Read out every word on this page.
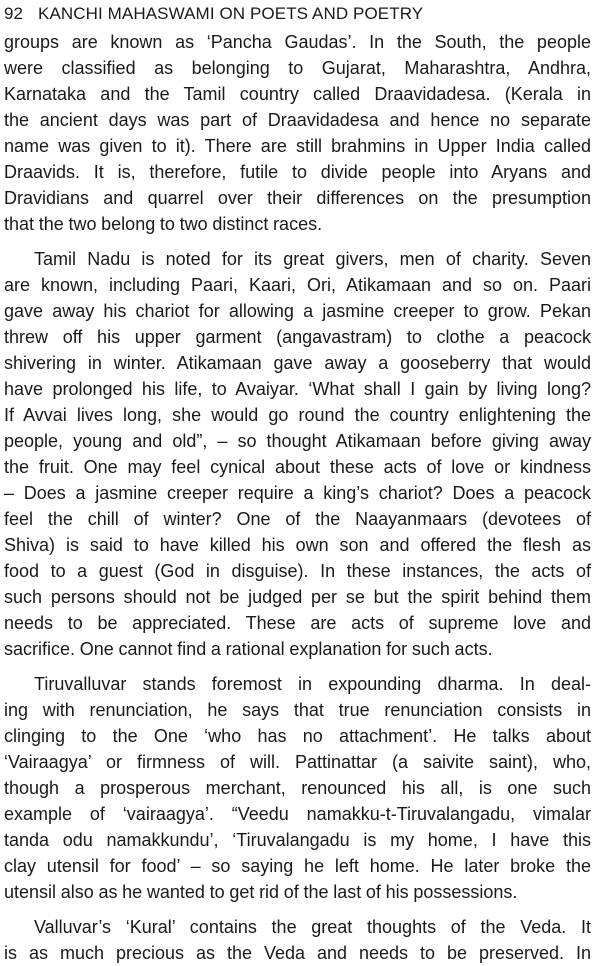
92 KANCHI MAHASWAMI ON POETS AND POETRY
groups are known as ‘Pancha Gaudas’. In the South, the people
were classified as belonging to Gujarat, Maharashtra, Andhra,
Karnataka and the Tamil country called Draavidadesa. (Kerala in
the ancient days was part of Draavidadesa and hence no separate
name was given to it). There are still brahmins in Upper India called
Draavids. It is, therefore, futile to divide people into Aryans and
Dravidians and quarrel over their differences on the presumption
that the two belong to two distinct races.
Tamil Nadu is noted for its great givers, men of charity. Seven
are known, including Paari, Kaari, Ori, Atikamaan and so on. Paari
gave away his chariot for allowing a jasmine creeper to grow. Pekan
threw off his upper garment (angavastram) to clothe a peacock
shivering in winter. Atikamaan gave away a gooseberry that would
have prolonged his life, to Avaiyar. ‘What shall I gain by living long?
If Avvai lives long, she would go round the country enlightening the
people, young and old”, – so thought Atikamaan before giving away
the fruit. One may feel cynical about these acts of love or kindness
– Does a jasmine creeper require a king’s chariot? Does a peacock
feel the chill of winter? One of the Naayanmaars (devotees of
Shiva) is said to have killed his own son and offered the flesh as
food to a guest (God in disguise). In these instances, the acts of
such persons should not be judged per se but the spirit behind them
needs to be appreciated. These are acts of supreme love and
sacrifice. One cannot find a rational explanation for such acts.
Tiruvalluvar stands foremost in expounding dharma. In deal-
ing with renunciation, he says that true renunciation consists in
clinging to the One ‘who has no attachment’. He talks about
‘Vairaagya’ or firmness of will. Pattinattar (a saivite saint), who,
though a prosperous merchant, renounced his all, is one such
example of ‘vairaagya’. “Veedu namakku-t-Tiruvalangadu, vimalar
tanda odu namakkundu’, ‘Tiruvalangadu is my home, I have this
clay utensil for food’ – so saying he left home. He later broke the
utensil also as he wanted to get rid of the last of his possessions.
Valluvar’s ‘Kural’ contains the great thoughts of the Veda. It
is as much precious as the Veda and needs to be preserved. In
